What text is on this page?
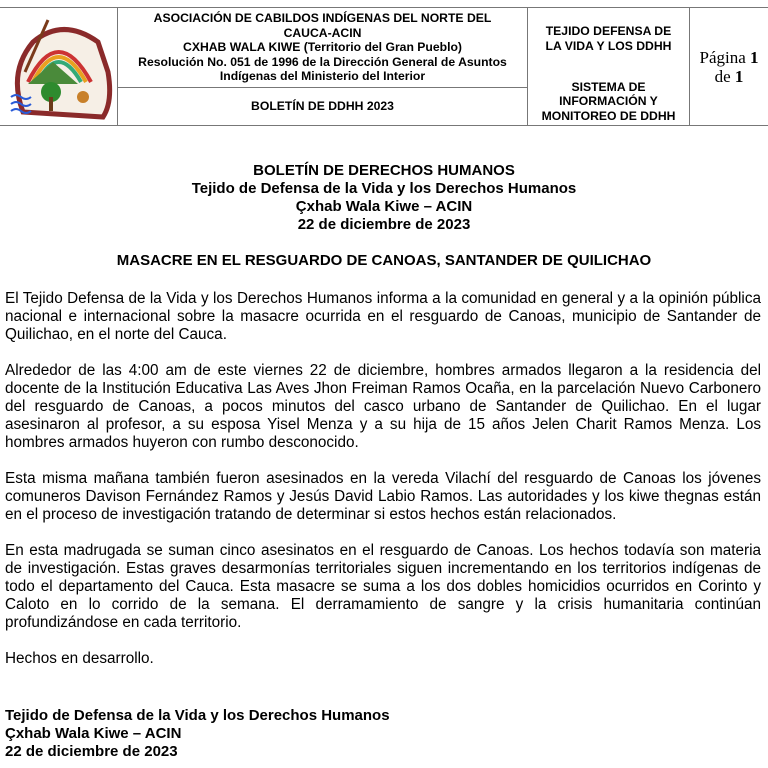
ASOCIACIÓN DE CABILDOS INDÍGENAS DEL NORTE DEL
CAUCA-ACIN
CXHAB WALA KIWE (Territorio del Gran Pueblo)
Resolución No. 051 de 1996 de la Dirección General de Asuntos
Indígenas del Ministerio del Interior
BOLETÍN DE DDHH 2023
TEJIDO DEFENSA DE LA VIDA Y LOS DDHH
SISTEMA DE INFORMACIÓN Y MONITOREO DE DDHH
Página 1
de 1
BOLETÍN DE DERECHOS HUMANOS
Tejido de Defensa de la Vida y los Derechos Humanos
Çxhab Wala Kiwe – ACIN
22 de diciembre de 2023
MASACRE EN EL RESGUARDO DE CANOAS, SANTANDER DE QUILICHAO

El Tejido Defensa de la Vida y los Derechos Humanos informa a la comunidad en general y a la opinión pública nacional e internacional sobre la masacre ocurrida en el resguardo de Canoas, municipio de Santander de Quilichao, en el norte del Cauca.

Alrededor de las 4:00 am de este viernes 22 de diciembre, hombres armados llegaron a la residencia del docente de la Institución Educativa Las Aves Jhon Freiman Ramos Ocaña, en la parcelación Nuevo Carbonero del resguardo de Canoas, a pocos minutos del casco urbano de Santander de Quilichao. En el lugar asesinaron al profesor, a su esposa Yisel Menza y a su hija de 15 años Jelen Charit Ramos Menza. Los hombres armados huyeron con rumbo desconocido.

Esta misma mañana también fueron asesinados en la vereda Vilachí del resguardo de Canoas los jóvenes comuneros Davison Fernández Ramos y Jesús David Labio Ramos. Las autoridades y los kiwe thegnas están en el proceso de investigación tratando de determinar si estos hechos están relacionados.

En esta madrugada se suman cinco asesinatos en el resguardo de Canoas. Los hechos todavía son materia de investigación. Estas graves desarmonías territoriales siguen incrementando en los territorios indígenas de todo el departamento del Cauca. Esta masacre se suma a los dos dobles homicidios ocurridos en Corinto y Caloto en lo corrido de la semana. El derramamiento de sangre y la crisis humanitaria continúan profundizándose en cada territorio.

Hechos en desarrollo.

Tejido de Defensa de la Vida y los Derechos Humanos
Çxhab Wala Kiwe – ACIN
22 de diciembre de 2023
